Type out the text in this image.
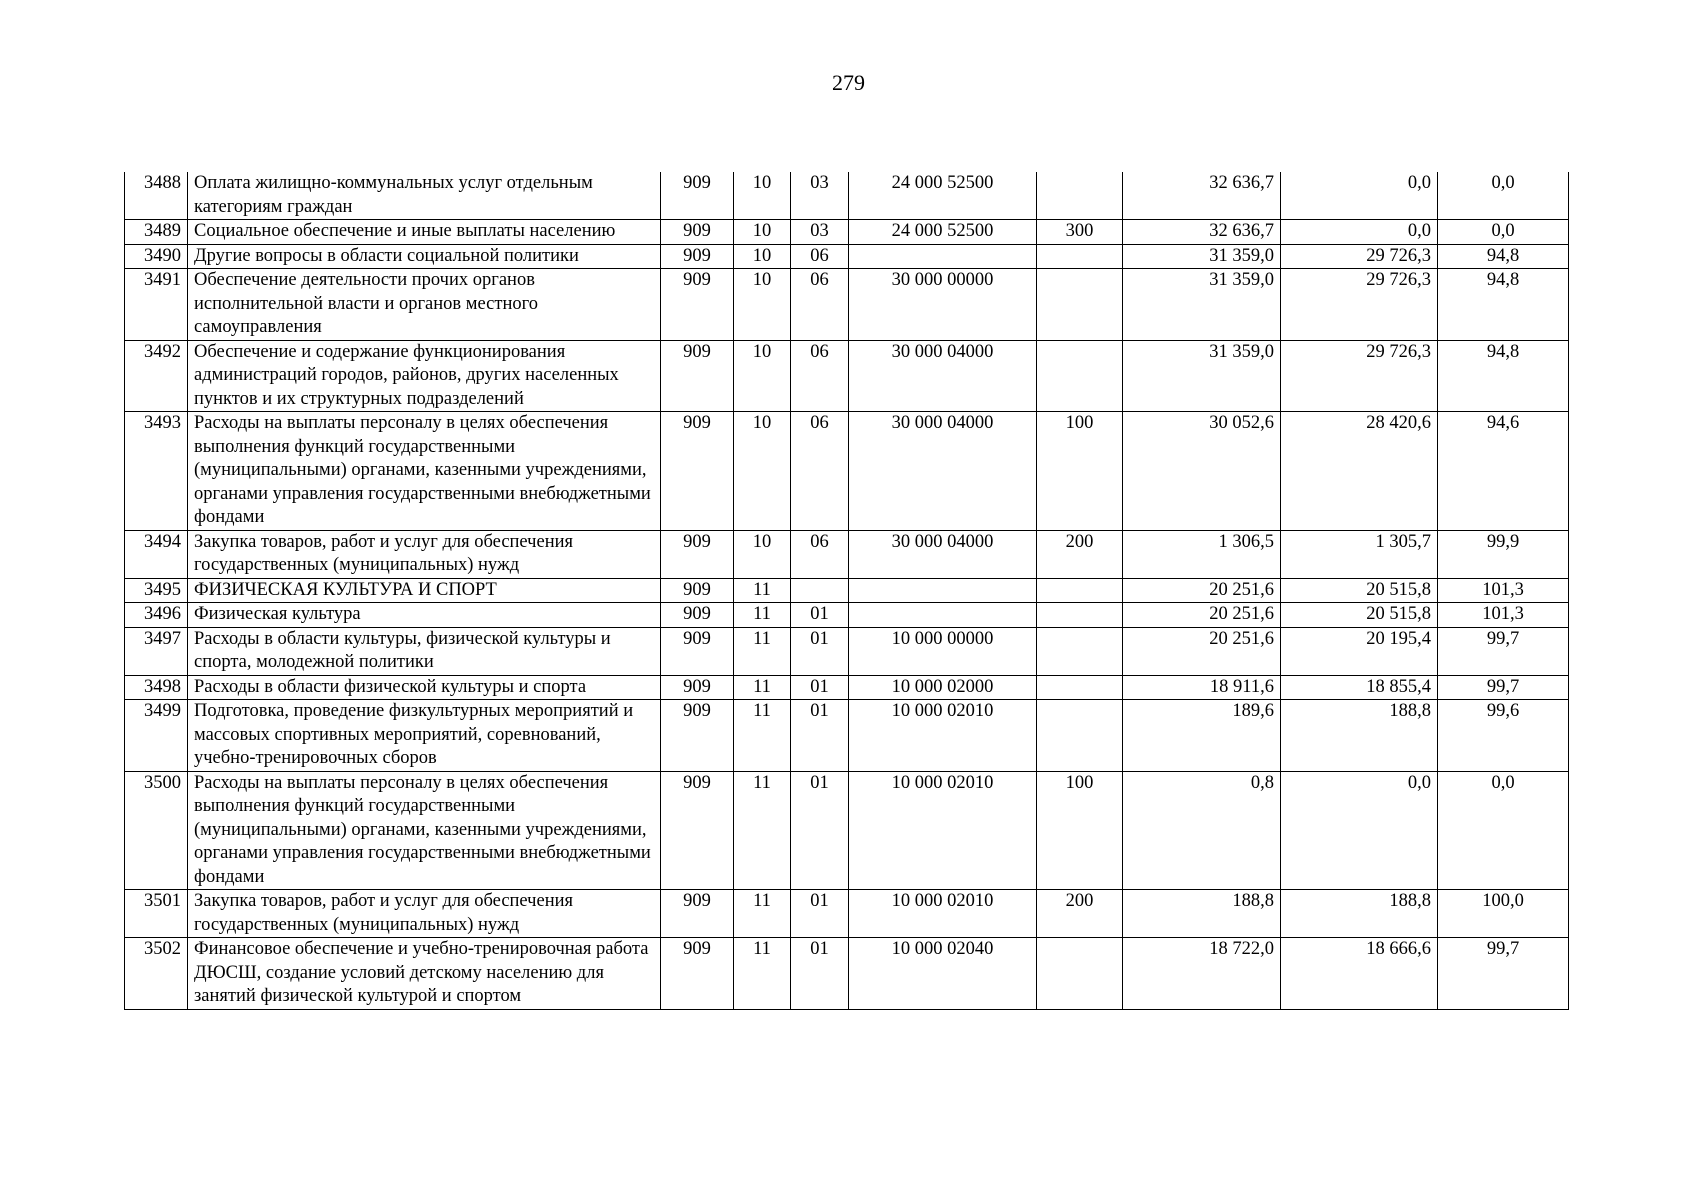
279
3488	Оплата жилищно-коммунальных услуг отдельным категориям граждан	909	10	03	24 000 52500		32 636,7	0,0	0,0
3489	Социальное обеспечение и иные выплаты населению	909	10	03	24 000 52500	300	32 636,7	0,0	0,0
3490	Другие вопросы в области социальной политики	909	10	06			31 359,0	29 726,3	94,8
3491	Обеспечение деятельности прочих органов исполнительной власти и органов местного самоуправления	909	10	06	30 000 00000		31 359,0	29 726,3	94,8
3492	Обеспечение и содержание функционирования администраций городов, районов, других населенных пунктов и их структурных подразделений	909	10	06	30 000 04000		31 359,0	29 726,3	94,8
3493	Расходы на выплаты персоналу в целях обеспечения выполнения функций государственными (муниципальными) органами, казенными учреждениями, органами управления государственными внебюджетными фондами	909	10	06	30 000 04000	100	30 052,6	28 420,6	94,6
3494	Закупка товаров, работ и услуг для обеспечения государственных (муниципальных) нужд	909	10	06	30 000 04000	200	1 306,5	1 305,7	99,9
3495	ФИЗИЧЕСКАЯ КУЛЬТУРА И СПОРТ	909	11				20 251,6	20 515,8	101,3
3496	Физическая культура	909	11	01			20 251,6	20 515,8	101,3
3497	Расходы в области культуры, физической культуры и спорта, молодежной политики	909	11	01	10 000 00000		20 251,6	20 195,4	99,7
3498	Расходы в области физической культуры и спорта	909	11	01	10 000 02000		18 911,6	18 855,4	99,7
3499	Подготовка, проведение физкультурных мероприятий и массовых спортивных мероприятий, соревнований, учебно-тренировочных сборов	909	11	01	10 000 02010		189,6	188,8	99,6
3500	Расходы на выплаты персоналу в целях обеспечения выполнения функций государственными (муниципальными) органами, казенными учреждениями, органами управления государственными внебюджетными фондами	909	11	01	10 000 02010	100	0,8	0,0	0,0
3501	Закупка товаров, работ и услуг для обеспечения государственных (муниципальных) нужд	909	11	01	10 000 02010	200	188,8	188,8	100,0
3502	Финансовое обеспечение и учебно-тренировочная работа ДЮСШ, создание условий детскому населению для занятий физической культурой и спортом	909	11	01	10 000 02040		18 722,0	18 666,6	99,7
